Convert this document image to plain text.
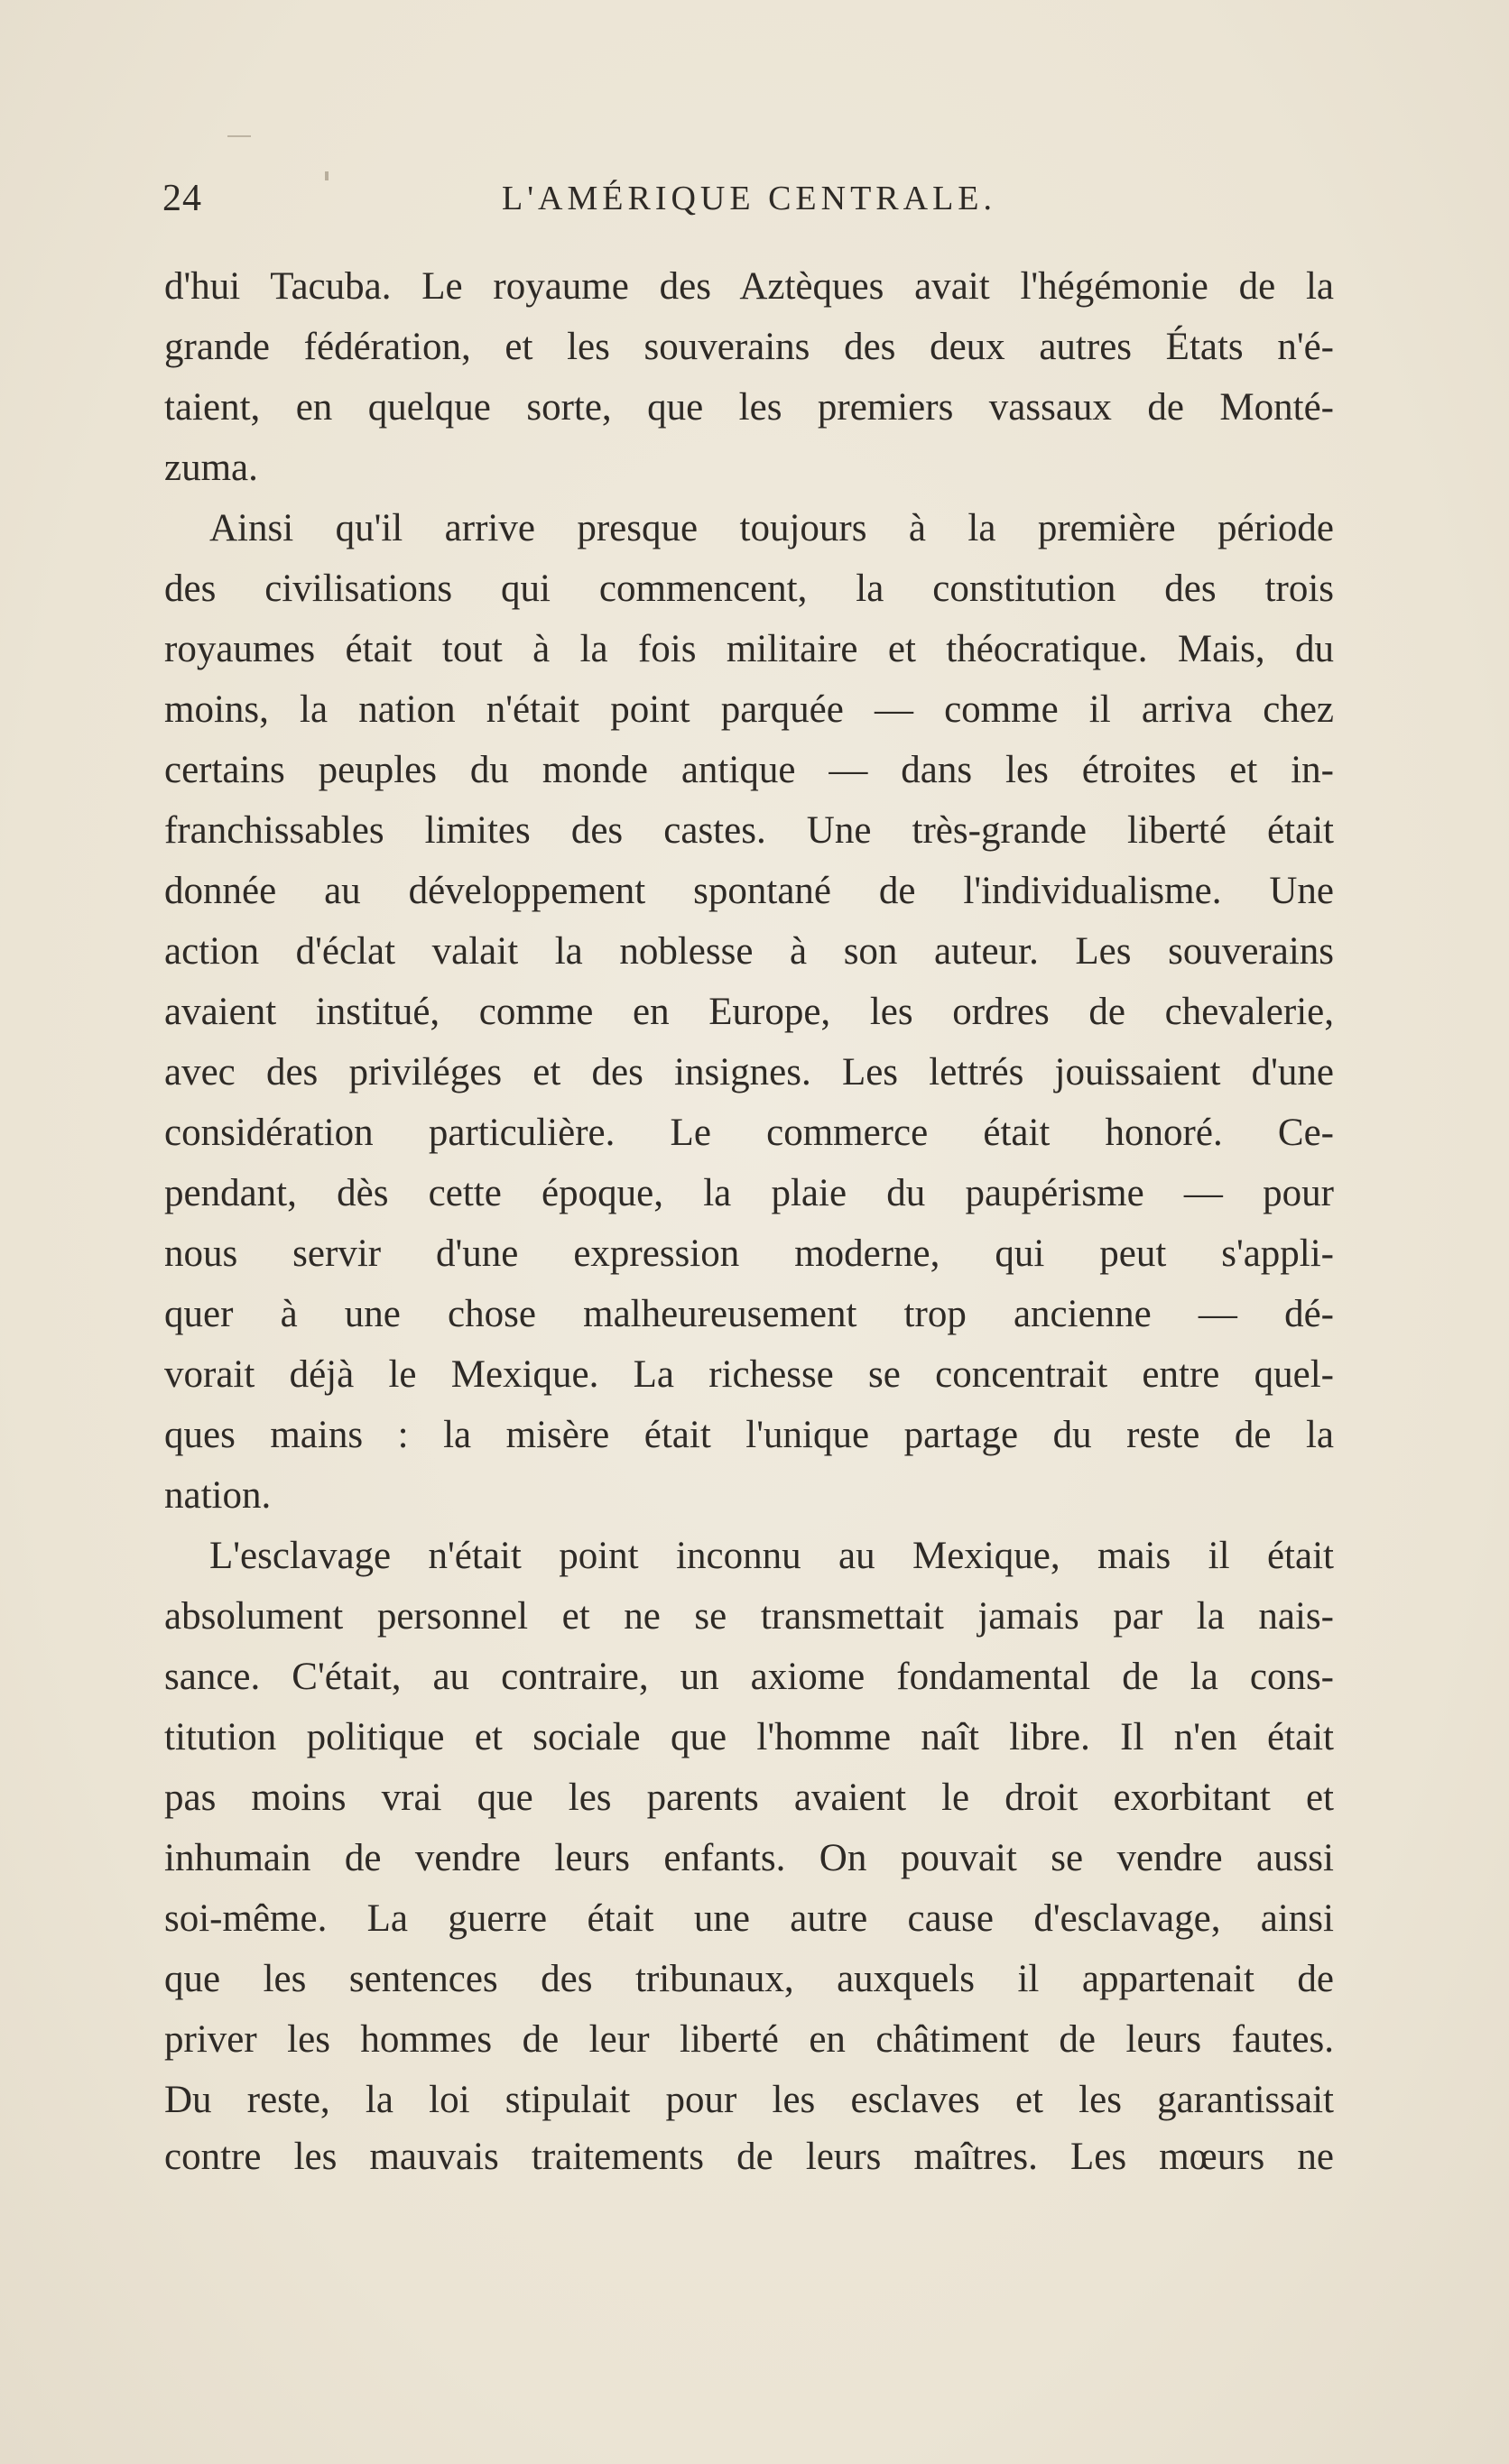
24	L'AMÉRIQUE CENTRALE.
d'hui Tacuba. Le royaume des Aztèques avait l'hégémonie de la
grande fédération, et les souverains des deux autres États n'é-
taient, en quelque sorte, que les premiers vassaux de Monté-
zuma.
Ainsi qu'il arrive presque toujours à la première période
des civilisations qui commencent, la constitution des trois
royaumes était tout à la fois militaire et théocratique. Mais, du
moins, la nation n'était point parquée — comme il arriva chez
certains peuples du monde antique — dans les étroites et in-
franchissables limites des castes. Une très-grande liberté était
donnée au développement spontané de l'individualisme. Une
action d'éclat valait la noblesse à son auteur. Les souverains
avaient institué, comme en Europe, les ordres de chevalerie,
avec des priviléges et des insignes. Les lettrés jouissaient d'une
considération particulière. Le commerce était honoré. Ce-
pendant, dès cette époque, la plaie du paupérisme — pour
nous servir d'une expression moderne, qui peut s'appli-
quer à une chose malheureusement trop ancienne — dé-
vorait déjà le Mexique. La richesse se concentrait entre quel-
ques mains : la misère était l'unique partage du reste de la
nation.
L'esclavage n'était point inconnu au Mexique, mais il était
absolument personnel et ne se transmettait jamais par la nais-
sance. C'était, au contraire, un axiome fondamental de la cons-
titution politique et sociale que l'homme naît libre. Il n'en était
pas moins vrai que les parents avaient le droit exorbitant et
inhumain de vendre leurs enfants. On pouvait se vendre aussi
soi-même. La guerre était une autre cause d'esclavage, ainsi
que les sentences des tribunaux, auxquels il appartenait de
priver les hommes de leur liberté en châtiment de leurs fautes.
Du reste, la loi stipulait pour les esclaves et les garantissait
contre les mauvais traitements de leurs maîtres. Les mœurs ne
